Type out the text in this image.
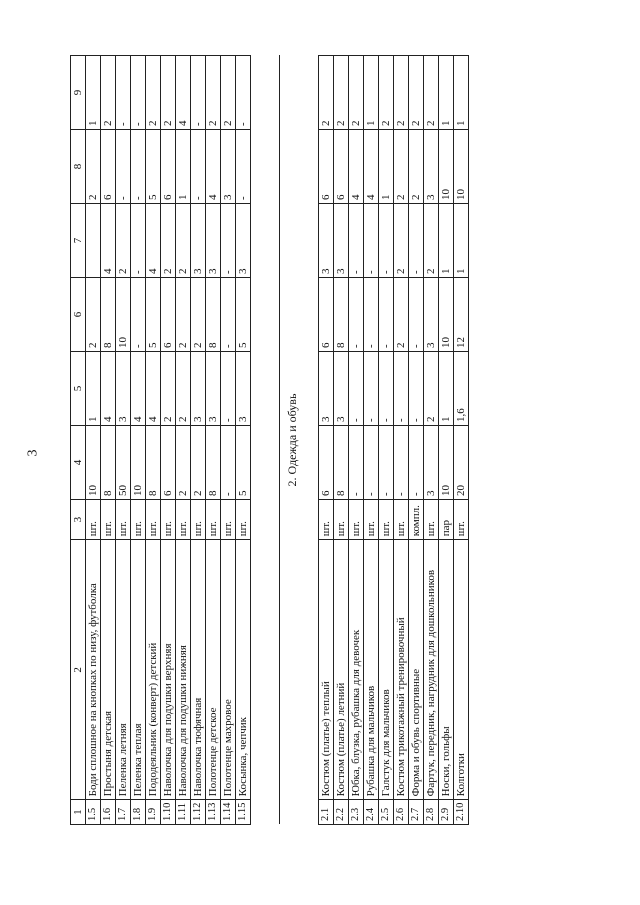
3
1	2	3	4	5	6	7	8	9
1.5	Боди сплошное на кнопках по низу, футболка	шт.	10	1	2		2	1
1.6	Простыня детская	шт.	8	4	8	4	6	2
1.7	Пеленка летняя	шт.	50	3	10	2	-	-
1.8	Пеленка теплая	шт.	10	4	-	-	-	-
1.9	Пододеяльник (конверт) детский	шт.	8	4	5	4	5	2
1.10	Наволочка для подушки верхняя	шт.	6	2	6	2	6	2
1.11	Наволочка для подушки нижняя	шт.	2	2	2	2	1	4
1.12	Наволочка тюфячная	шт.	2	3	2	3	-	-
1.13	Полотенце детское	шт.	8	3	8	3	4	2
1.14	Полотенце махровое	шт.	-	-	-	-	3	2
1.15	Косынка, чепчик	шт.	5	3	5	3	-	-

2. Одежда и обувь								
2.1	Костюм (платье) теплый	шт.	6	3	6	3	6	2
2.2	Костюм (платье) летний	шт.	8	3	8	3	6	2
2.3	Юбка, блузка, рубашка для девочек	шт.	-	-	-	-	4	2
2.4	Рубашка для мальчиков	шт.	-	-	-	-	4	1
2.5	Галстук для мальчиков	шт.	-	-	-	-	1	2
2.6	Костюм трикотажный тренировочный	шт.	-	-	2	2	2	2
2.7	Форма и обувь спортивные	компл.	-	-	-	-	2	2
2.8	Фартук, передник, нагрудник для дошкольников	шт.	3	2	3	2	3	2
2.9	Носки, гольфы	пар	10	1	10	1	10	1
2.10	Колготки	шт.	20	1,6	12	1	10	1
